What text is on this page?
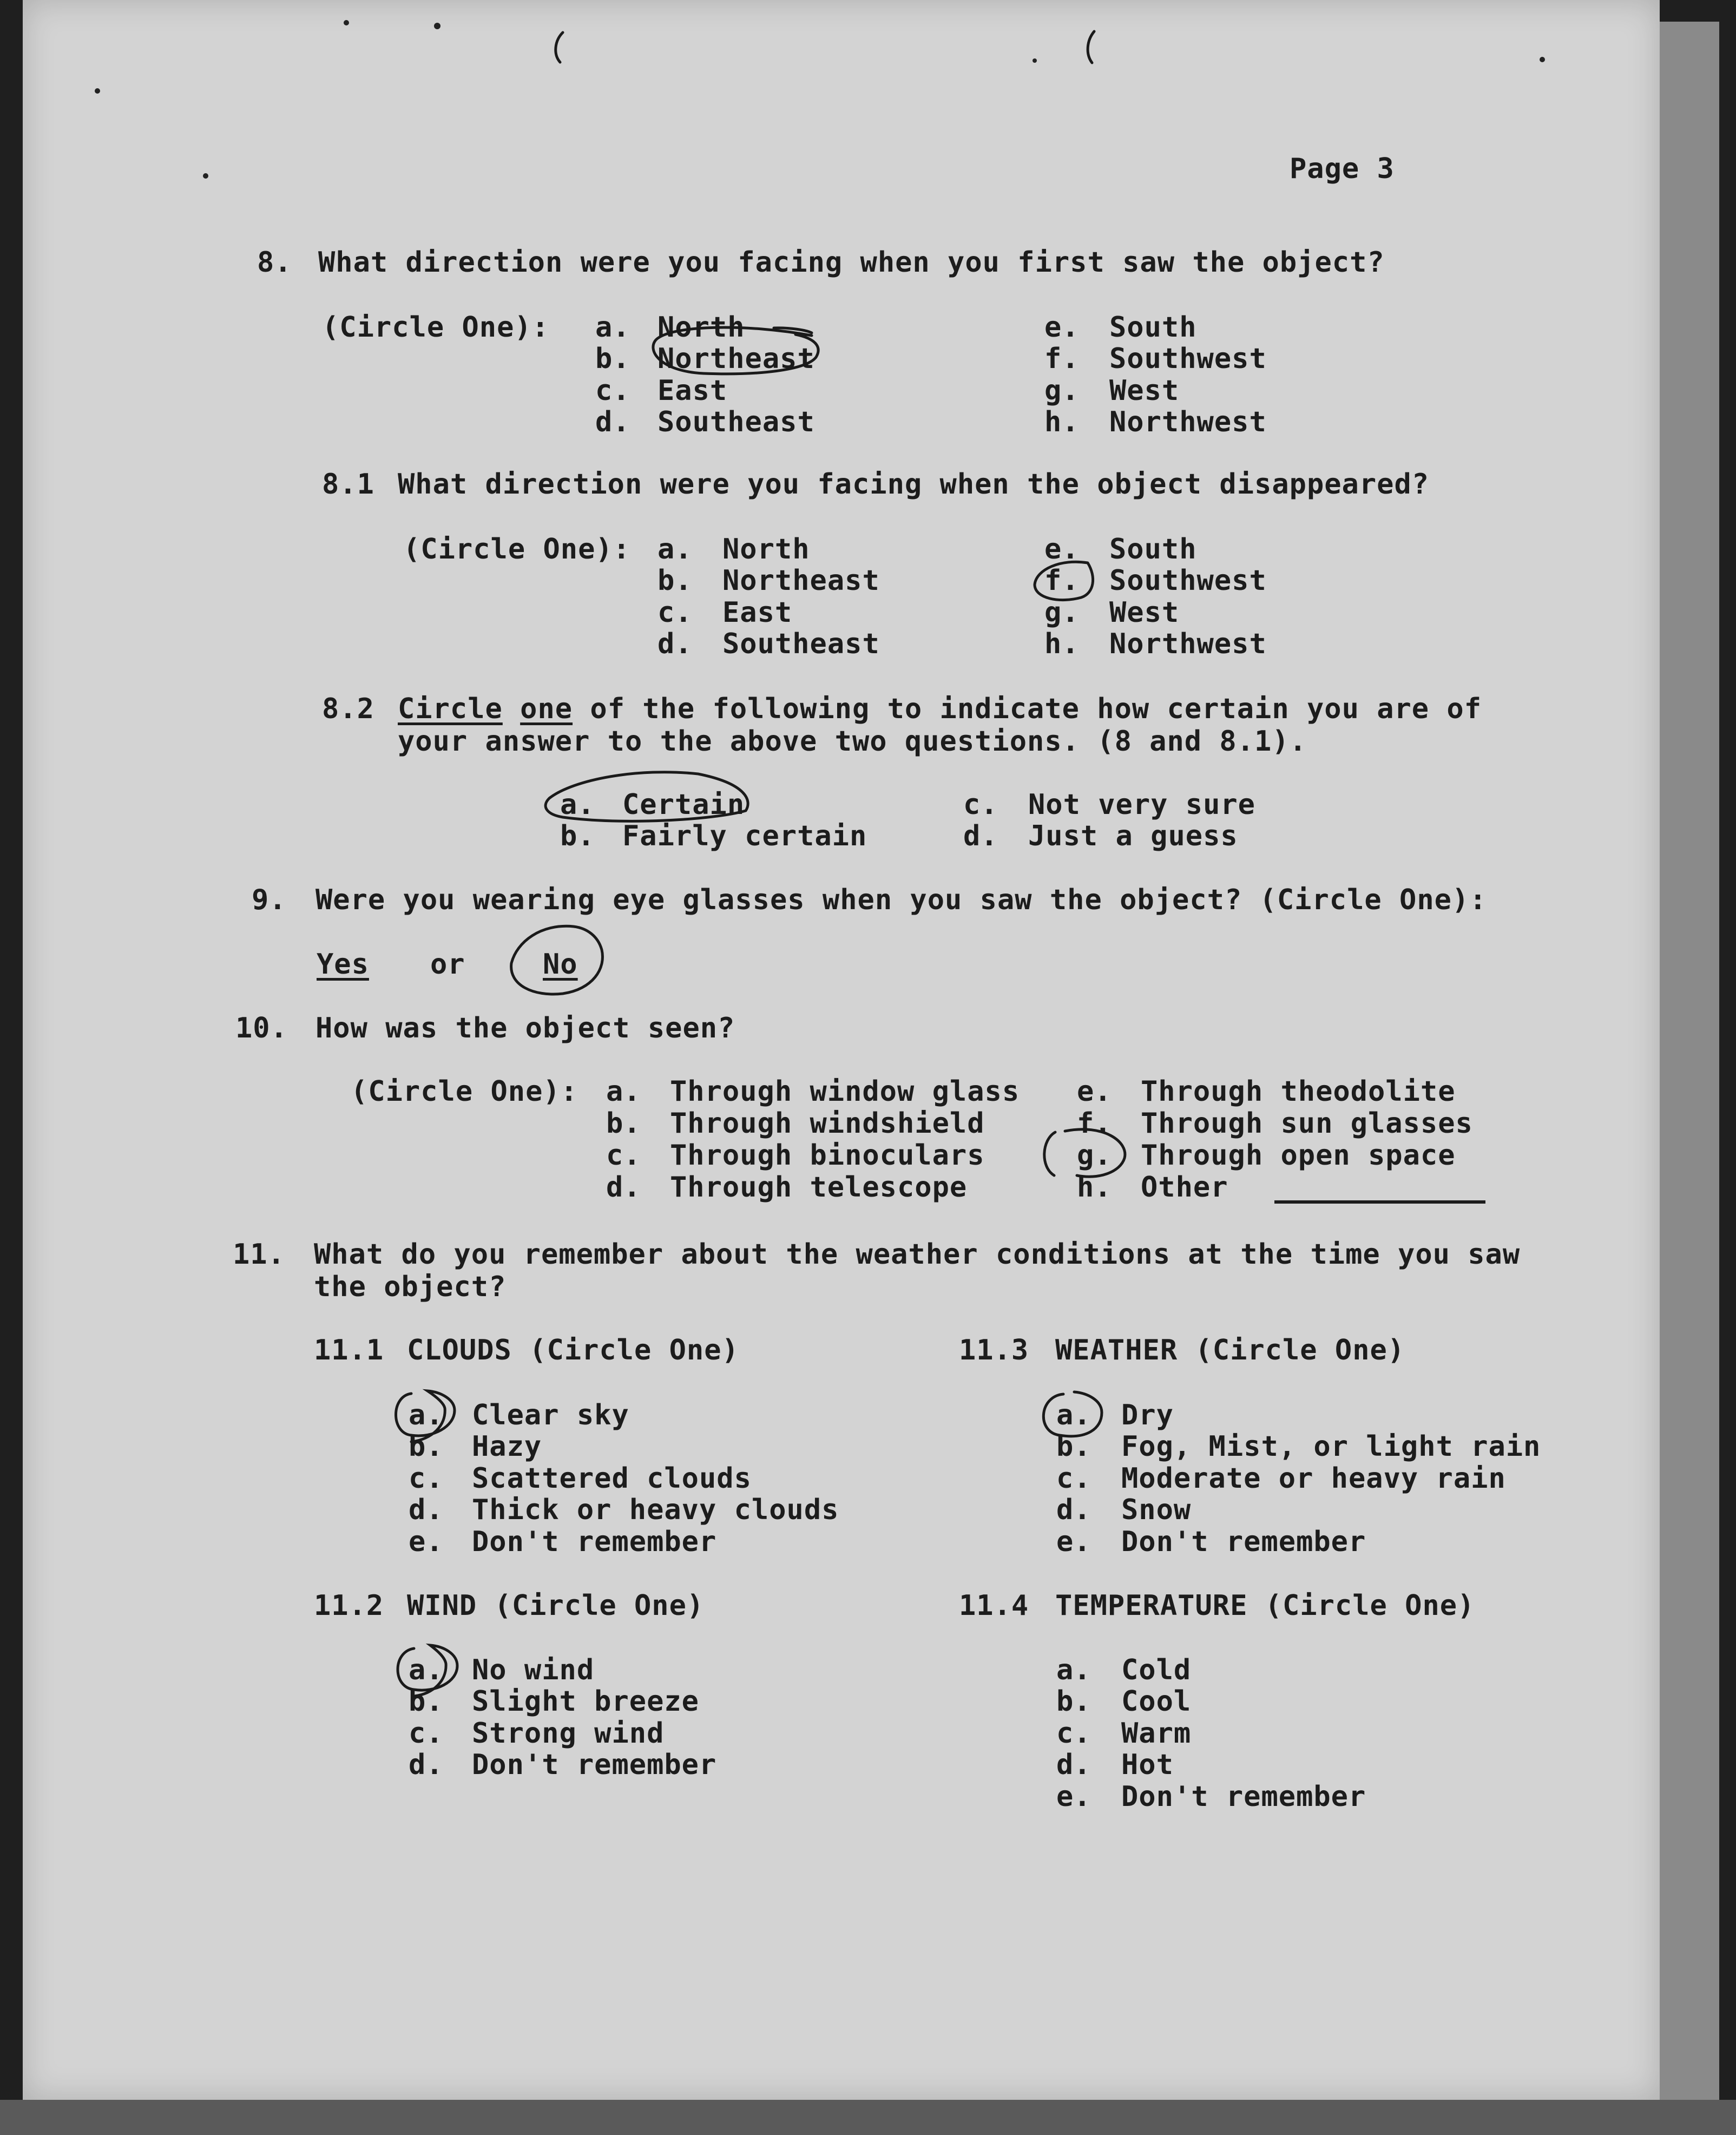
Page 3
8. What direction were you facing when you first saw the object?
(Circle One): a. North
b. Northeast
c. East
d. Southeast
e. South
f. Southwest
g. West
h. Northwest
8.1 What direction were you facing when the object disappeared?
(Circle One): a. North
b. Northeast
c. East
d. Southeast
e. South
f. Southwest
g. West
h. Northwest
8.2 Circle one of the following to indicate how certain you are of
your answer to the above two questions. (8 and 8.1).
a. Certain
b. Fairly certain
c. Not very sure
d. Just a guess
9. Were you wearing eye glasses when you saw the object? (Circle One):
Yes or	No
10. How was the object seen?
(Circle One): a. Through window glass
b. Through windshield
c. Through binoculars
d. Through telescope
e. Through theodolite
f. Through sun glasses
g. Through open space
h. Other
11. What do you remember about the weather conditions at the time you saw
the object?
11.1 CLOUDS (Circle One)
a. Clear sky
b. Hazy
c. Scattered clouds
d. Thick or heavy clouds
e. Don't remember
11.2 WIND (Circle One)
a. No wind
b. Slight breeze
c. Strong wind
d. Don't remember
11.3 WEATHER (Circle One)
a. Dry
b. Fog, Mist, or light rain
c. Moderate or heavy rain
d. Snow
e. Don't remember
11.4 TEMPERATURE (Circle One)
a. Cold
b. Cool
c. Warm
d. Hot
e. Don't remember
